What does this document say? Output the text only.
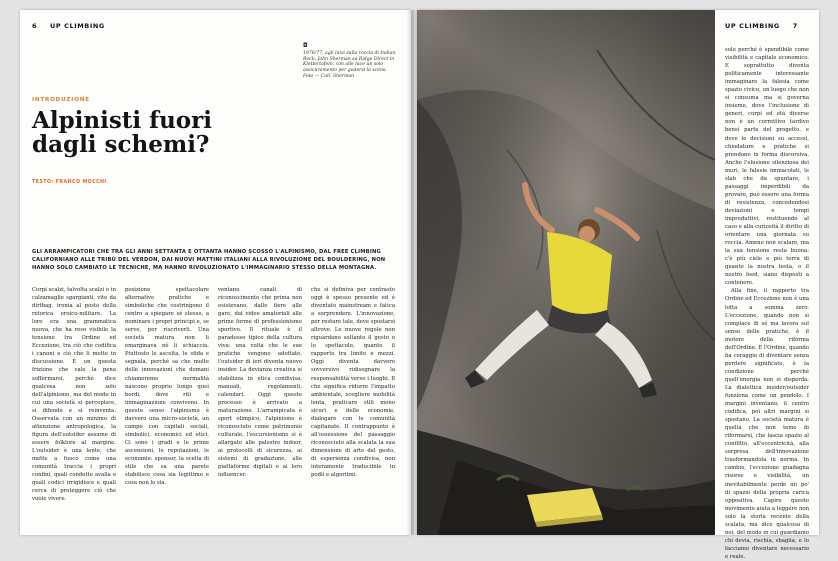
6 UP CLIMBING
◘
1976/77, agli inizi sulla roccia di Indian Rock: John Sherman su Ridge Direct in Klettertafeln, con alle luce un solo assicuramento per godersi la scena. Foto — Coll. Sherman
INTRODUZIONE
Alpinisti fuori dagli schemi?
TESTO: FRANCO MOCCHI

GLI ARRAMPICATORI CHE TRA GLI ANNI SETTANTA E OTTANTA HANNO SCOSSO L'ALPINISMO, DAL FREE CLIMBING CALIFORNIANO ALLE TRIBÙ DEL VERDON, DAI NUOVI MATTINI ITALIANI ALLA RIVOLUZIONE DEL BOULDERING, NON HANNO SOLO CAMBIATO LE TECNICHE, MA HANNO RIVOLUZIONATO L'IMMAGINARIO STESSO DELLA MONTAGNA.

Corpi scalzi, talvolta scalzi o in calzamaglie sgargianti, vite da dirtbag, ironia al posto della retorica eroico-militare. La loro era una grammatica nuova, che ha reso visibile la tensione tra Ordine ed Eccezione, tra ciò che codifica i canoni e ciò che li mette in discussione. È un questa frizione che vale la pena soffermarsi, perché dice qualcosa non solo dell'alpinismo, ma del modo in cui una società si percepisce, si difende e si reinventa. Osservata con un minimo di attenzione antropologica, la figura dell'outsider assume di essere folklore al margine. L'outsider è una lente, che mette a fuoco come una comunità traccia i propri confini, quali condotte avalla e quali codici irrigidisce e quali cerca di proteggere ciò che vuole vivere.

posizione spettacolare alternative pratiche e simboliche che costringono il centro a spiegare sé stesso, a nominare i propri principi e, se serve, per riscriverli. Una società matura non li emarginava né li schiaccia. Piuttosto le ascolta, le sfida e segnala, perché sa che molte delle innovazioni che domani chiameremo normalità nascono proprio lungo quei bordi, dove riti e immaginazione convivono. In questo senso l'alpinismo è davvero una micro-società, un campo con capitali sociali, simbolici, economici ed etici. Ci sono i gradi e le prime ascensioni, le reputazioni, le economie: sponsor, la scelta di stile che sa una parete stabilisce cosa sia legittimo e cosa non lo sia.

ventano canali di riconoscimento che prima non esistevano, dalle fiere alle gare, dai video amatoriali alle prime forme di professionismo sportivo. Il rituale è il paradosso tipico della cultura viva: una volta che le sue pratiche vengono adottate, l'outsider di ieri diventa nuovo insider. La devianza creativa si stabilizza in etica condivisa, manuali, regolamenti, calendari. Oggi queste processo è arrivato a maturazione. L'arrampicata è sport olimpico, l'alpinismo è riconosciuto come patrimonio culturale, l'escursionismo si è allargato alle palestre indoor, ai protocolli di sicurezza, ai sistemi di gradazione, alle piattaforme digitali e ai loro influencer.

che si definiva per contrasto oggi è spesso presente ed è diventato mainstream e fatica a sorprendere. L'innovazione, per restare tale, deve spostarsi altrove. Le nuove regole non riguardano soltanto il gesto o lo spettacolo, quanto il rapporto tra limite e mezzi. Oggi diventa davvero sovversivo ridisegnare la responsabilità verso i luoghi. Il che significa ridurre l'impatto ambientale, scegliere mobilità lenta, praticare stili meno sicuri e delle economie, dialogare con le comunità capitanate. Il contrappunto è all'ossessione del passaggio riconosciuto alla scalata la sua dimensione di arte del gesto, di esperienza condivisa, non interamente traducibile in podii e algoritmi.

UP CLIMBING 7

solo perché è spendibile come visibilità e capitale economico. E soprattutto diventa politicamente interessante immaginare la falesia come spazio civico, un luogo che non si consuma ma si governa insieme, dove l'inclusione di generi, corpi ed età diverse non è un correttivo tardivo bensì parte del progetto, e dove le decisioni su accessi, chiodature e pratiche si prendono in forma discorsiva. Anche l'elusione silenziosa dei muri, le falesie immacolati, le slab che da spuntare, i passaggi imperdibili da provare, può essere una forma di resistenza, concedendosi deviazioni e tempi improduttivi, restituendo al caso e alla curiosità il diritto di orientare una giornata su roccia. Ameno non scalare, ma la sua tensione resta buona: c'è più cielo e più terra di quanto la nostra testa, o il nostro feed, siano disposti a contenere.

Alla fine, il rapporto tra Ordine ed Eccezione non è una lotta a somma zero. L'eccezione, quando non si complace di sé ma lavora sul senso delle pratiche, è il motore della riforma dell'Ordine. E l'Ordine, quando ha coraggio di diventare senza perdere significato, è la condizione perché quell'energia non si disperda. La dialettica insider/outsider funziona come un pendolo. I margini inventano, il centro codifica, poi altri margini si spostano. La società matura è quella che non teme di riformarsi, che lascia spazio al conflitto, all'eccentricità, alla sorpresa dell'innovazione trasformandola in norma. In cambio, l'eccezione guadagna risorse e visibilità, un inevitabilmente perde un po' di spazio della propria carica oppositiva. Capire questo movimento aiuta a leggere non solo la storia recente della scalata, ma dice qualcosa di noi, del modo in cui guardiamo chi devia, rischia, sbaglia, e lo facciamo diventare necessario e reale.
